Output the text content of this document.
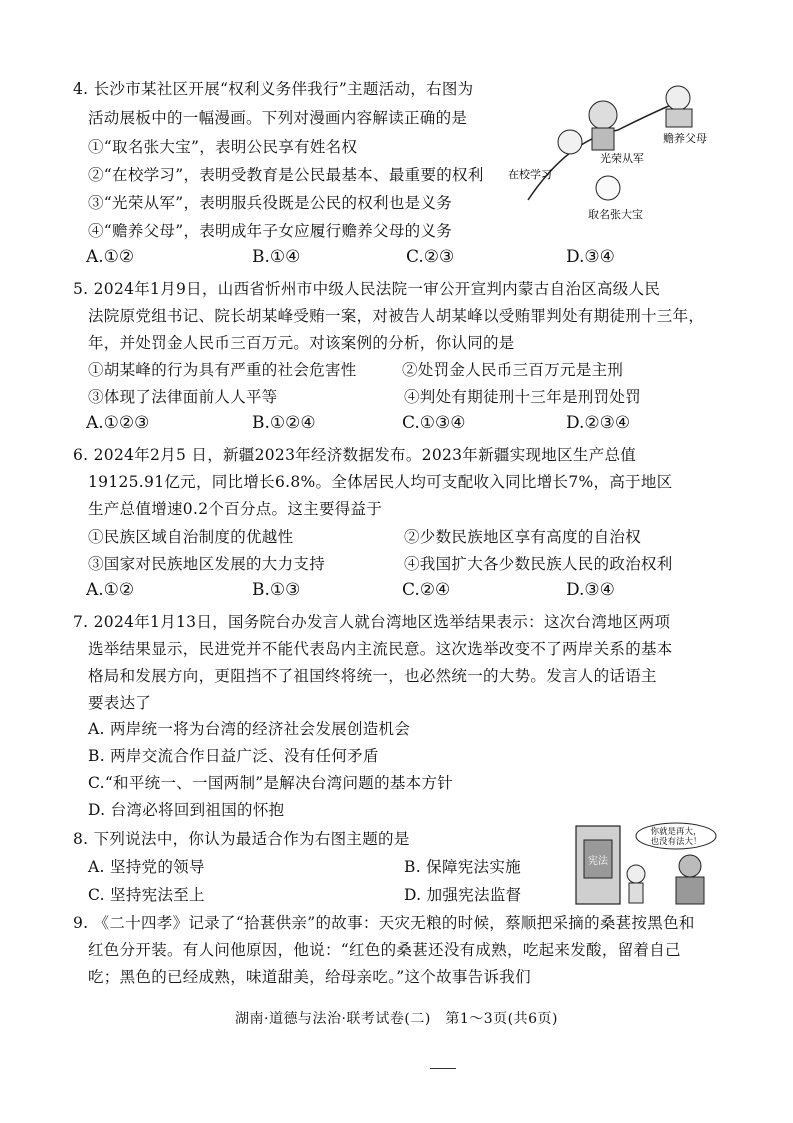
4. 长沙市某社区开展“权利义务伴我行”主题活动，右图为
活动展板中的一幅漫画。下列对漫画内容解读正确的是
①“取名张大宝”，表明公民享有姓名权
②“在校学习”，表明受教育是公民最基本、最重要的权利
③“光荣从军”，表明服兵役既是公民的权利也是义务
④“赡养父母”，表明成年子女应履行赡养父母的义务
A.①②	B.①④	C.②③	D.③④
赡养父母
光荣从军
在校学习
取名张大宝
5. 2024年1月9日，山西省忻州市中级人民法院一审公开宣判内蒙古自治区高级人民
法院原党组书记、院长胡某峰受贿一案，对被告人胡某峰以受贿罪判处有期徒刑十三年，
年，并处罚金人民币三百万元。对该案例的分析，你认同的是
①胡某峰的行为具有严重的社会危害性	②处罚金人民币三百万元是主刑
③体现了法律面前人人平等	④判处有期徒刑十三年是刑罚处罚
A.①②③	B.①②④	C.①③④	D.②③④
6. 2024年2月5 日，新疆2023年经济数据发布。2023年新疆实现地区生产总值
19125.91亿元，同比增长6.8%。全体居民人均可支配收入同比增长7%，高于地区
生产总值增速0.2个百分点。这主要得益于
①民族区域自治制度的优越性	②少数民族地区享有高度的自治权
③国家对民族地区发展的大力支持	④我国扩大各少数民族人民的政治权利
A.①②	B.①③	C.②④	D.③④
7. 2024年1月13日，国务院台办发言人就台湾地区选举结果表示：这次台湾地区两项
选举结果显示，民进党并不能代表岛内主流民意。这次选举改变不了两岸关系的基本
格局和发展方向，更阻挡不了祖国终将统一，也必然统一的大势。发言人的话语主
要表达了
A. 两岸统一将为台湾的经济社会发展创造机会
B. 两岸交流合作日益广泛、没有任何矛盾
C.“和平统一、一国两制”是解决台湾问题的基本方针
D. 台湾必将回到祖国的怀抱
8. 下列说法中，你认为最适合作为右图主题的是
A. 坚持党的领导	B. 保障宪法实施
C. 坚持宪法至上	D. 加强宪法监督
宪法
你就是再大，
也没有法大！
9. 《二十四孝》记录了“拾葚供亲”的故事：天灾无粮的时候，蔡顺把采摘的桑葚按黑色和
红色分开装。有人问他原因，他说：“红色的桑葚还没有成熟，吃起来发酸，留着自己
吃；黑色的已经成熟，味道甜美，给母亲吃。”这个故事告诉我们
湖南·道德与法治·联考试卷(二)　第1～3页(共6页)
